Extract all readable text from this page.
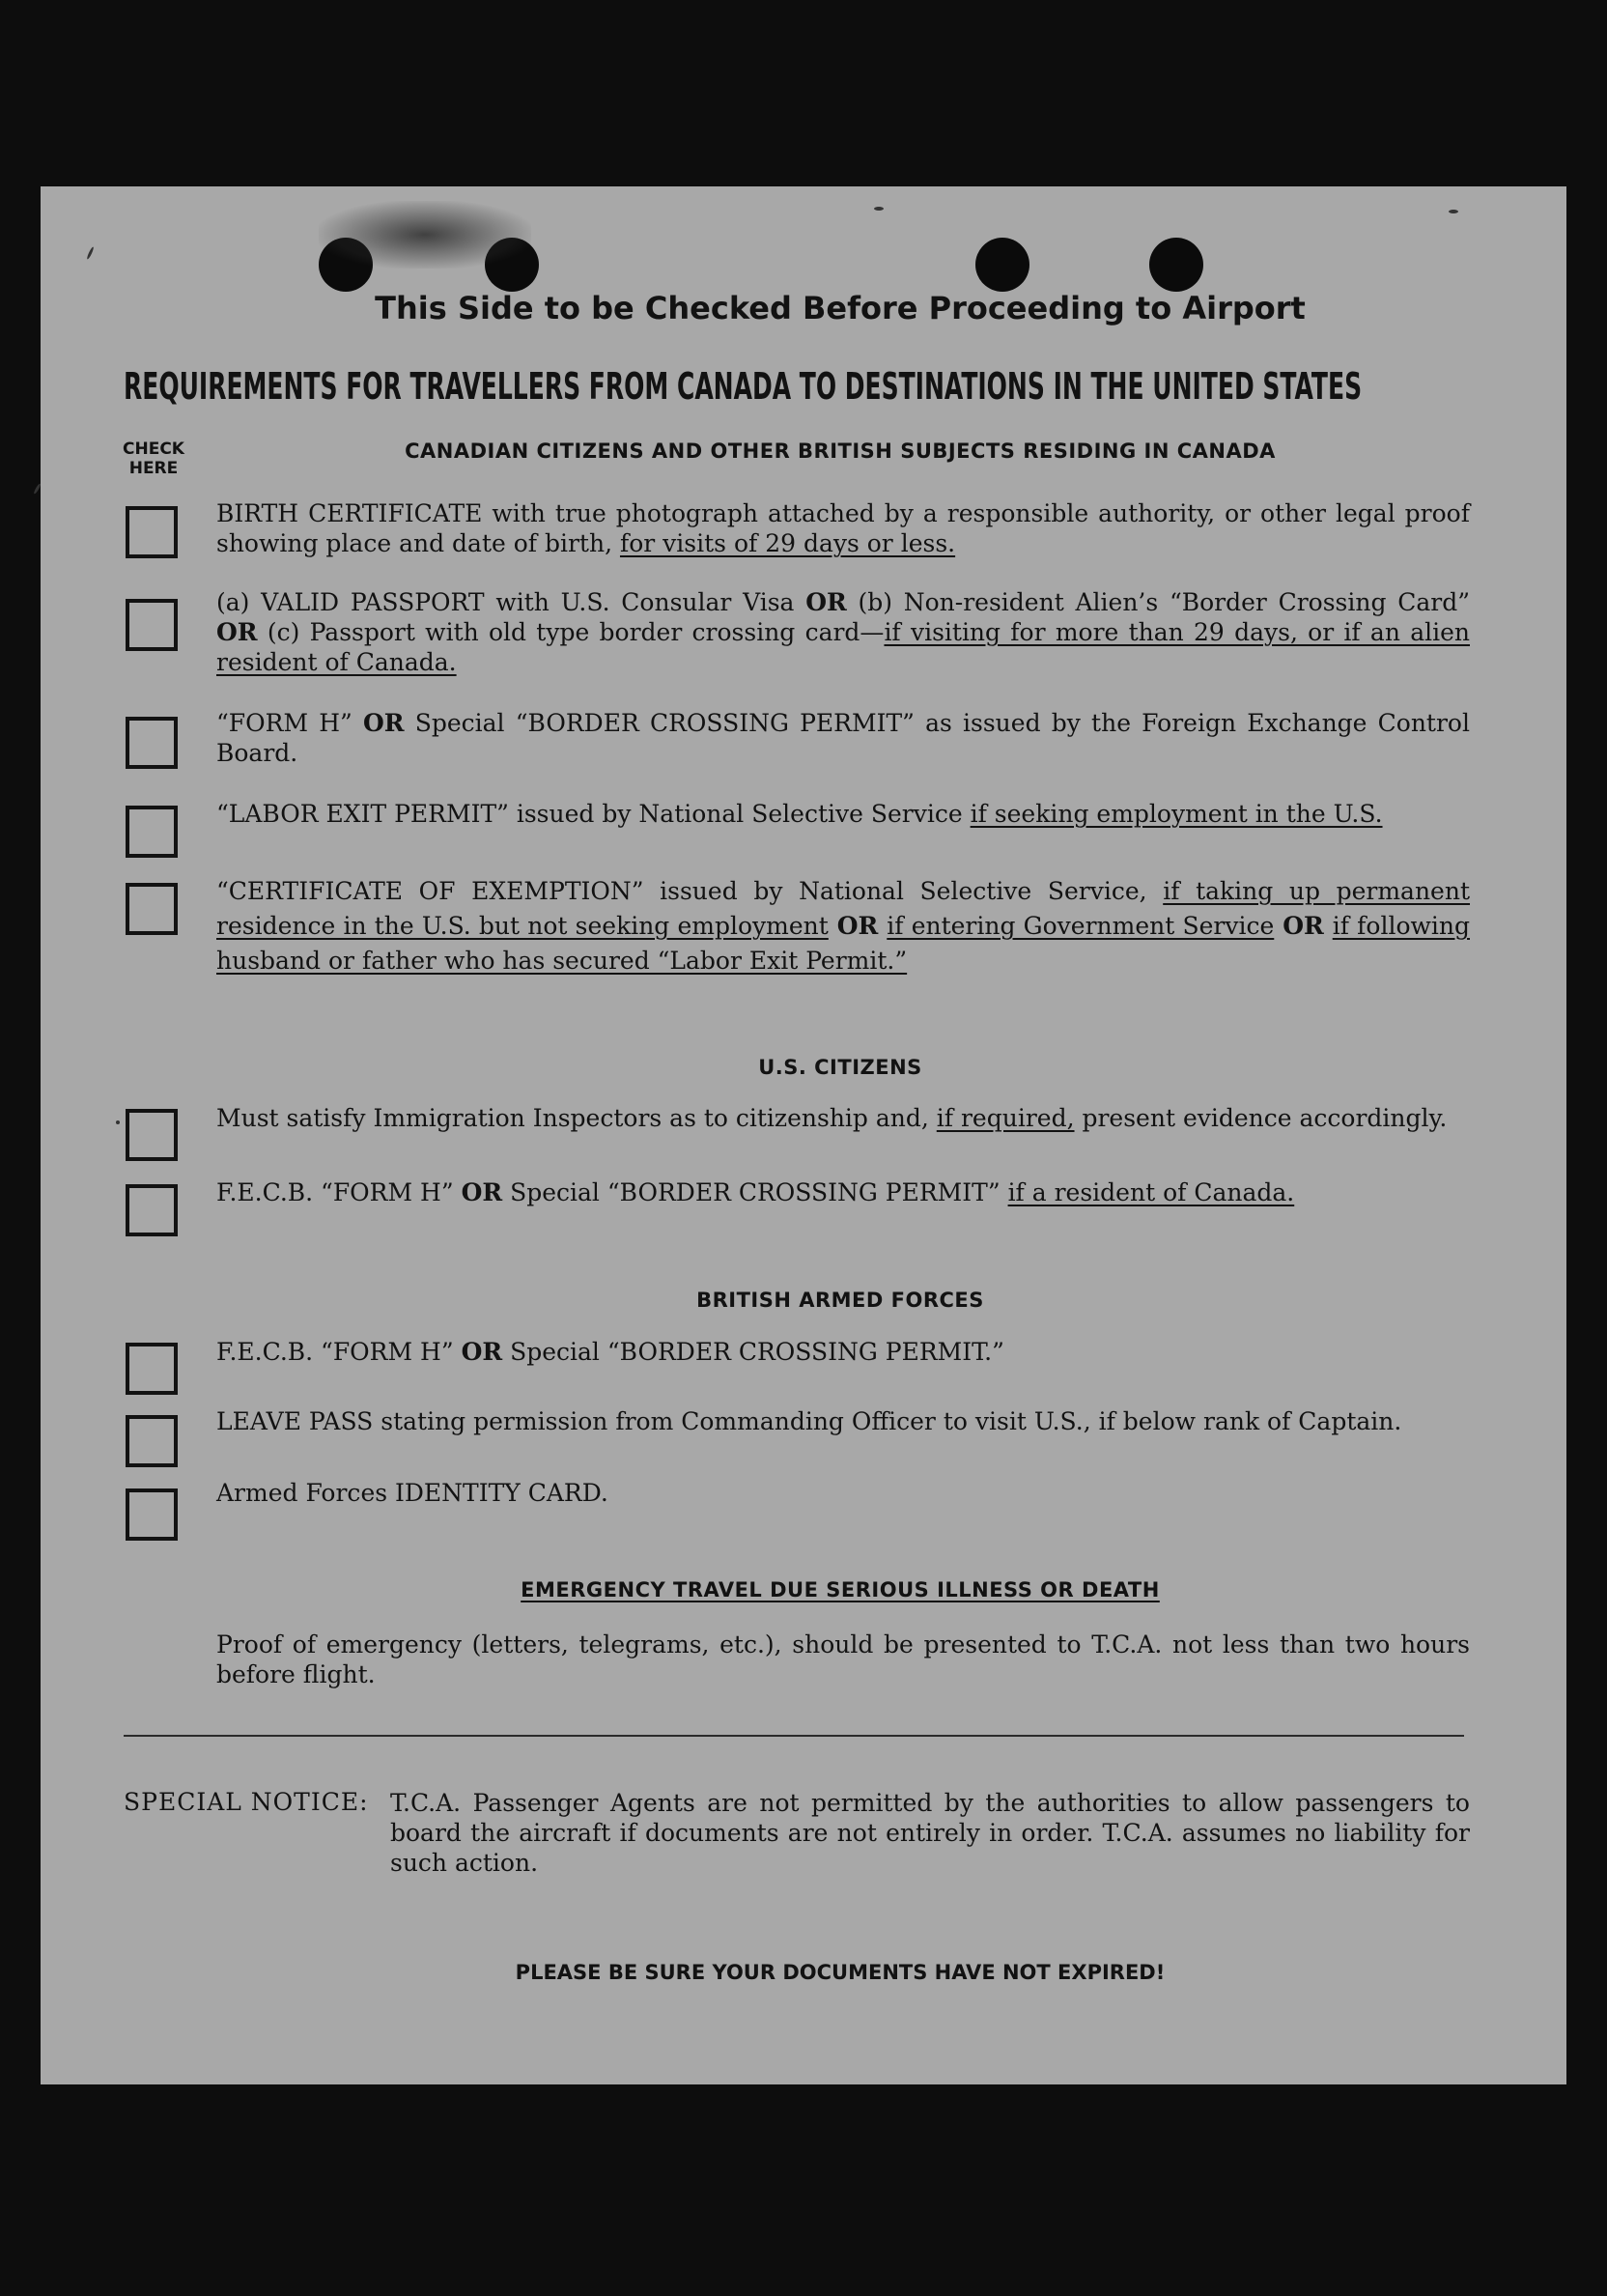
This Side to be Checked Before Proceeding to Airport
REQUIREMENTS FOR TRAVELLERS FROM CANADA TO DESTINATIONS IN THE UNITED STATES
CHECK
HERE
CANADIAN CITIZENS AND OTHER BRITISH SUBJECTS RESIDING IN CANADA
BIRTH CERTIFICATE with true photograph attached by a responsible authority, or other legal proof showing place and date of birth, for visits of 29 days or less.
(a) VALID PASSPORT with U.S. Consular Visa OR (b) Non-resident Alien’s “Border Crossing Card” OR (c) Passport with old type border crossing card—if visiting for more than 29 days, or if an alien resident of Canada.
“FORM H” OR Special “BORDER CROSSING PERMIT” as issued by the Foreign Exchange Control Board.
“LABOR EXIT PERMIT” issued by National Selective Service if seeking employment in the U.S.
“CERTIFICATE OF EXEMPTION” issued by National Selective Service, if taking up permanent residence in the U.S. but not seeking employment OR if entering Government Service OR if following husband or father who has secured “Labor Exit Permit.”
U.S. CITIZENS
Must satisfy Immigration Inspectors as to citizenship and, if required, present evidence accordingly.
F.E.C.B. “FORM H” OR Special “BORDER CROSSING PERMIT” if a resident of Canada.
BRITISH ARMED FORCES
F.E.C.B. “FORM H” OR Special “BORDER CROSSING PERMIT.”
LEAVE PASS stating permission from Commanding Officer to visit U.S., if below rank of Captain.
Armed Forces IDENTITY CARD.
EMERGENCY TRAVEL DUE SERIOUS ILLNESS OR DEATH
Proof of emergency (letters, telegrams, etc.), should be presented to T.C.A. not less than two hours before flight.
SPECIAL NOTICE: T.C.A. Passenger Agents are not permitted by the authorities to allow passengers to board the aircraft if documents are not entirely in order. T.C.A. assumes no liability for such action.
PLEASE BE SURE YOUR DOCUMENTS HAVE NOT EXPIRED!
